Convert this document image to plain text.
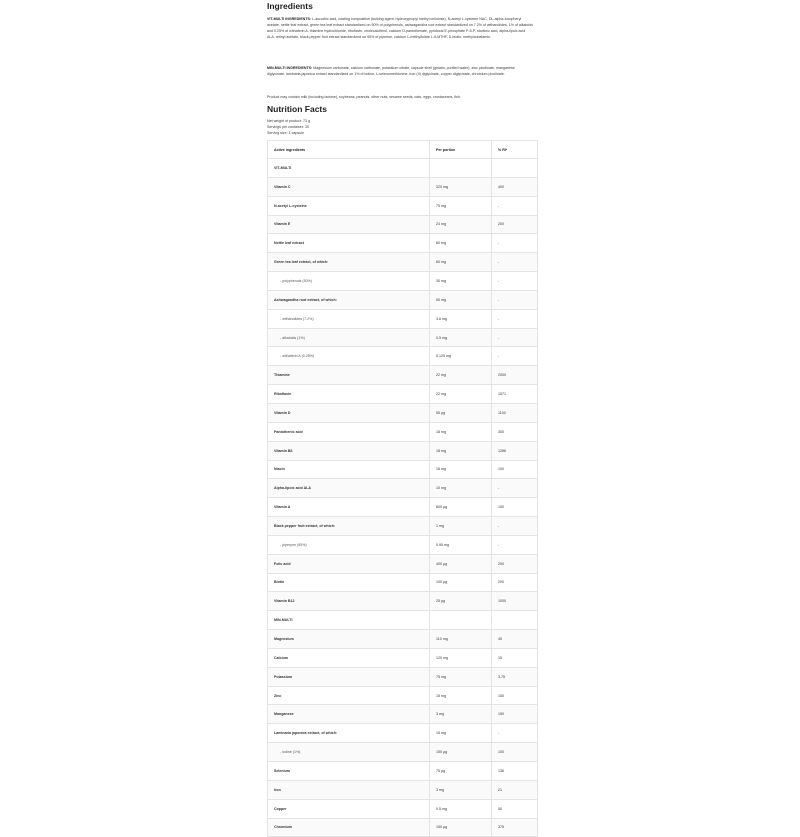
Ingredients

VIT-MULTI INGREDIENTS: L-ascorbic acid, coating composition (bulking agent: hydroxypropyl methyl cellulose), N-acetyl L-cysteine NAC, DL-alpha-tocopheryl acetate, nettle leaf extract, green tea leaf extract standardized on 50% of polyphenols, ashwagandha root extract standardized on 7.2% of withanolides, 1% of alkaloids and 0.25% of withaferin A, thiamine hydrochloride, riboflavin, cholecalciferol, calcium D-pantothenate, pyridoxal 5'-phosphate P-5-P, nicotinic acid, alpha-lipoic acid ALA, retinyl acetate, black pepper fruit extract standardized on 95% of piperine, calcium L-methylfolate L-5-MTHF, D-biotin, methylcobalamin.

MIN-MULTI INGREDIENTS: Magnesium carbonate, calcium carbonate, potassium citrate, capsule shell (gelatin, purified water), zinc picolinate, manganese diglycinate, laminaria japonica extract standardized on 1% of iodine, L-selenomethionine, iron (II) diglycinate, copper diglycinate, chromium picolinate.

Product may contain milk (including lactose), soybeans, peanuts, other nuts, sesame seeds, oats, eggs, crustaceans, fish.

Nutrition Facts
Net weight of product: 73 g
Servings per container: 30
Serving size: 1 capsule
Active ingredients	Per portion	% RI*
VIT-MULTI		
Vitamin C	320 mg	400
N-acetyl L-cysteine	75 mg	-
Vitamin E	24 mg	200
Nettle leaf extract	60 mg	-
Green tea leaf extract, of which:	60 mg	-
- polyphenols (50%)	30 mg	-
Ashwagandha root extract, of which:	50 mg	-
- withanolides (7.2%)	3.6 mg	-
- alkaloids (1%)	0.5 mg	-
- withaferin A (0.25%)	0.125 mg	-
Thiamine	22 mg	2000
Riboflavin	22 mg	1571
Vitamin D	55 µg	1100
Pantothenic acid	18 mg	300
Vitamin B6	18 mg	1286
Niacin	16 mg	100
Alpha-lipoic acid ALA	10 mg	-
Vitamin A	800 µg	100
Black pepper fruit extract, of which:	1 mg	-
- piperyne (95%)	0.95 mg	-
Folic acid	400 µg	200
Biotin	100 µg	200
Vitamin B12	25 µg	1000
MIN-MULTI		
Magnesium	110 mg	45
Calcium	120 mg	15
Potassium	75 mg	3.75
Zinc	15 mg	150
Manganese	3 mg	150
Laminaria japonica extract, of which:	15 mg	-
- iodine (1%)	150 µg	100
Selenium	75 µg	136
Iron	3 mg	21
Copper	0.5 mg	50
Chromium	150 µg	375
